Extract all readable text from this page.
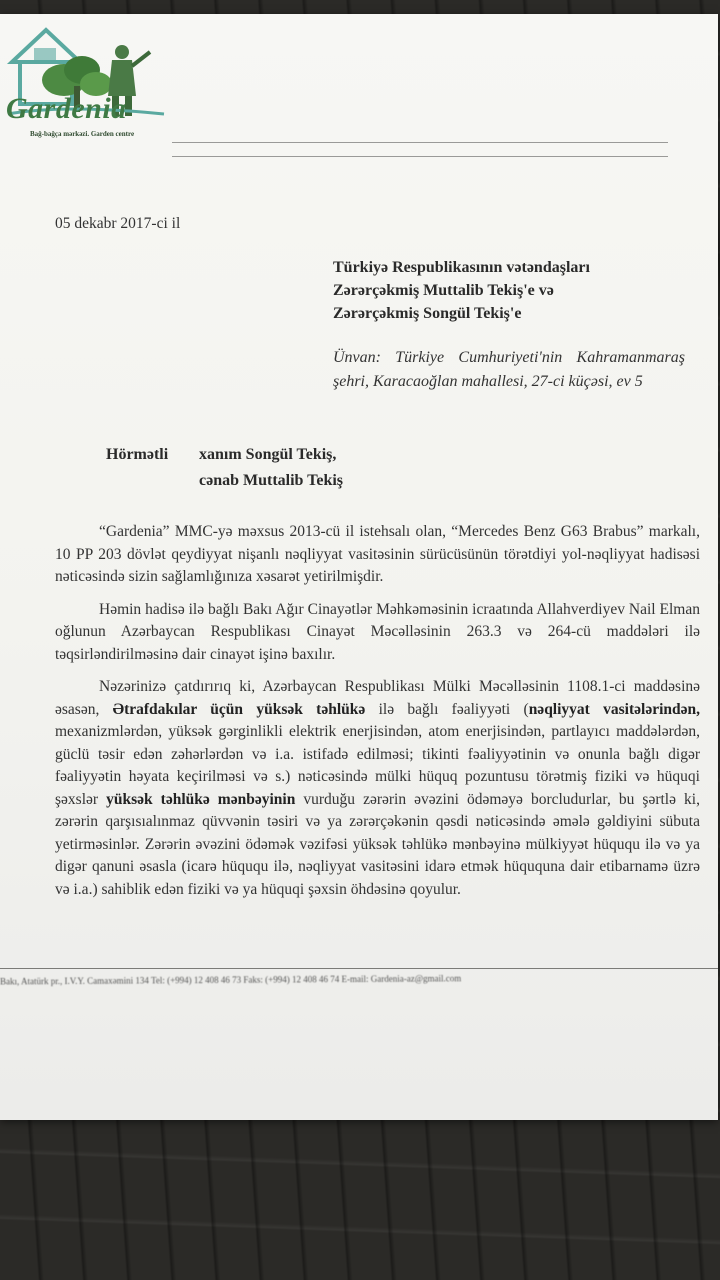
Gardenia
Bağ-bağça mərkəzi. Garden centre
05 dekabr 2017-ci il
Türkiyə Respublikasının vətəndaşları
Zərərçəkmiş Muttalib Tekiş'e və
Zərərçəkmiş Songül Tekiş'e
Ünvan: Türkiye Cumhuriyeti'nin Kahramanmaraş şehri, Karacaoğlan mahallesi, 27-ci küçəsi, ev 5
Hörmətli xanım Songül Tekiş,
cənab Muttalib Tekiş

“Gardenia” MMC-yə məxsus 2013-cü il istehsalı olan, “Mercedes Benz G63 Brabus” markalı, 10 PP 203 dövlət qeydiyyat nişanlı nəqliyyat vasitəsinin sürücüsünün törətdiyi yol-nəqliyyat hadisəsi nəticəsində sizin sağlamlığınıza xəsarət yetirilmişdir.

Həmin hadisə ilə bağlı Bakı Ağır Cinayətlər Məhkəməsinin icraatında Allahverdiyev Nail Elman oğlunun Azərbaycan Respublikası Cinayət Məcəlləsinin 263.3 və 264-cü maddələri ilə təqsirləndirilməsinə dair cinayət işinə baxılır.

Nəzərinizə çatdırırıq ki, Azərbaycan Respublikası Mülki Məcəlləsinin 1108.1-ci maddəsinə əsasən, Ətrafdakılar üçün yüksək təhlükə ilə bağlı fəaliyyəti (nəqliyyat vasitələrindən, mexanizmlərdən, yüksək gərginlikli elektrik enerjisindən, atom enerjisindən, partlayıcı maddələrdən, güclü təsir edən zəhərlərdən və i.a. istifadə edilməsi; tikinti fəaliyyətinin və onunla bağlı digər fəaliyyətin həyata keçirilməsi və s.) nəticəsində mülki hüquq pozuntusu törətmiş fiziki və hüquqi şəxslər yüksək təhlükə mənbəyinin vurduğu zərərin əvəzini ödəməyə borcludurlar, bu şərtlə ki, zərərin qarşısıalınmaz qüvvənin təsiri və ya zərərçəkənin qəsdi nəticəsində əmələ gəldiyini sübuta yetirməsinlər. Zərərin əvəzini ödəmək vəzifəsi yüksək təhlükə mənbəyinə mülkiyyət hüququ ilə və ya digər qanuni əsasla (icarə hüququ ilə, nəqliyyat vasitəsini idarə etmək hüququna dair etibarnamə üzrə və i.a.) sahiblik edən fiziki və ya hüquqi şəxsin öhdəsinə qoyulur.

Bakı, Atatürk pr., I.V.Y. Camaxəmini 134 Tel: (+994) 12 408 46 73 Faks: (+994) 12 408 46 74 E-mail: Gardenia-az@gmail.com
